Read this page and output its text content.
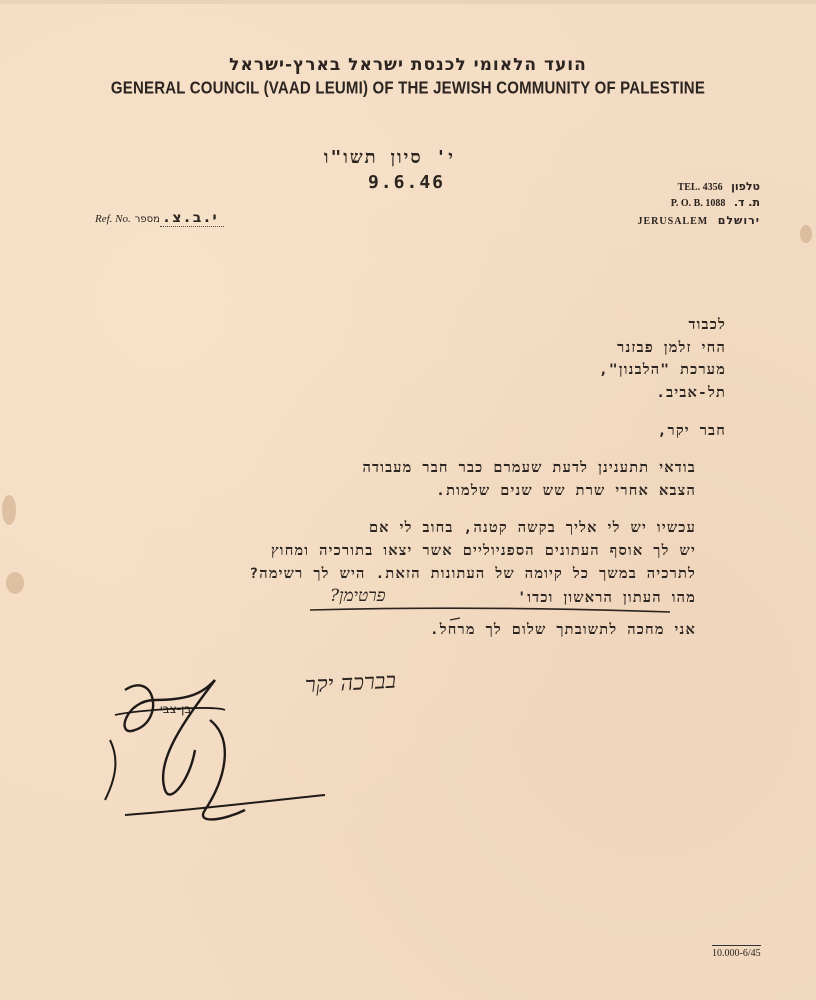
הועד הלאומי לכנסת ישראל בארץ-ישראל
GENERAL COUNCIL (VAAD LEUMI) OF THE JEWISH COMMUNITY OF PALESTINE
י' סיון תשו"ו
9.6.46
Ref. No. י.ב.צ.מספר
TEL. 4356 טלפון
P. O. B. 1088 ת. ד.
JERUSALEM ירושלם
לכבוד
החי זלמן פבזנר
מערכת "הלבנון",
תל-אביב.
חבר יקר,
בודאי תתענינן לדעת שעמרם כבר חבר מעבודה
הצבא אחרי שרת שש שנים שלמות.
עכשיו יש לי אליך בקשה קטנה, בחוב לי אם
יש לך אוסף העתונים הספניוליים אשר יצאו בתורכיה ומחוץ
לתרכיה במשך כל קיומה של העתונות הזאת. היש לך רשימה?
מהו העתון הראשון וכדו'
פרטימן?
אני מחכה לתשובתך שלום לך מרחל.
בברכה יקר
בן-צבי
10.000-6/45
